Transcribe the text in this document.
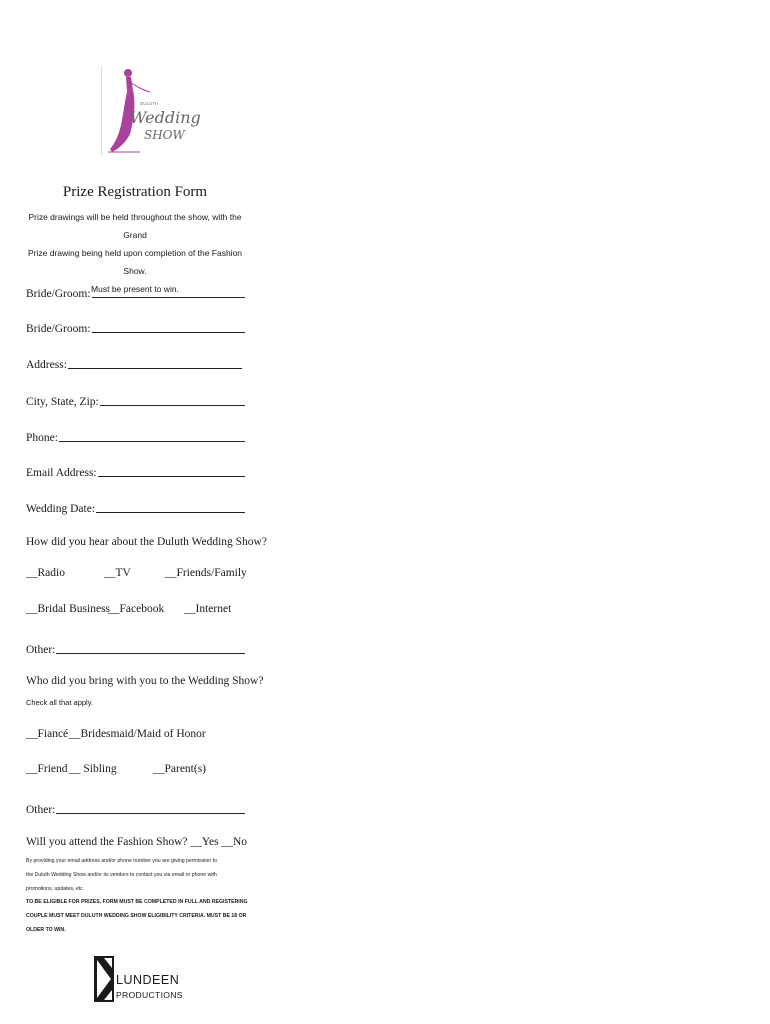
DULUTH
Wedding
SHOW
Prize Registration Form
Prize drawings will be held throughout the show, with the Grand
Prize drawing being held upon completion of the Fashion Show.
Must be present to win.
Bride/Groom:
Bride/Groom:
Address:
City, State, Zip:
Phone:
Email Address:
Wedding Date:
How did you hear about the Duluth Wedding Show?
__Radio	__TV	__Friends/Family
__Bridal Business
__Facebook __Internet
Other:
Who did you bring with you to the Wedding Show?
Check all that apply.
__Fiancé __Bridesmaid/Maid of Honor
__Friend __ Sibling	__Parent(s)
Other:
Will you attend the Fashion Show? __Yes __No
By providing your email address and/or phone number you are giving permission to
the Duluth Wedding Show and/or its vendors to contact you via email or phone with
promotions, updates, etc.
TO BE ELIGIBLE FOR PRIZES, FORM MUST BE COMPLETED IN FULL AND REGISTERING
COUPLE MUST MEET DULUTH WEDDING SHOW ELIGIBILITY CRITERIA. MUST BE 18 OR
OLDER TO WIN.
LUNDEEN
PRODUCTIONS
